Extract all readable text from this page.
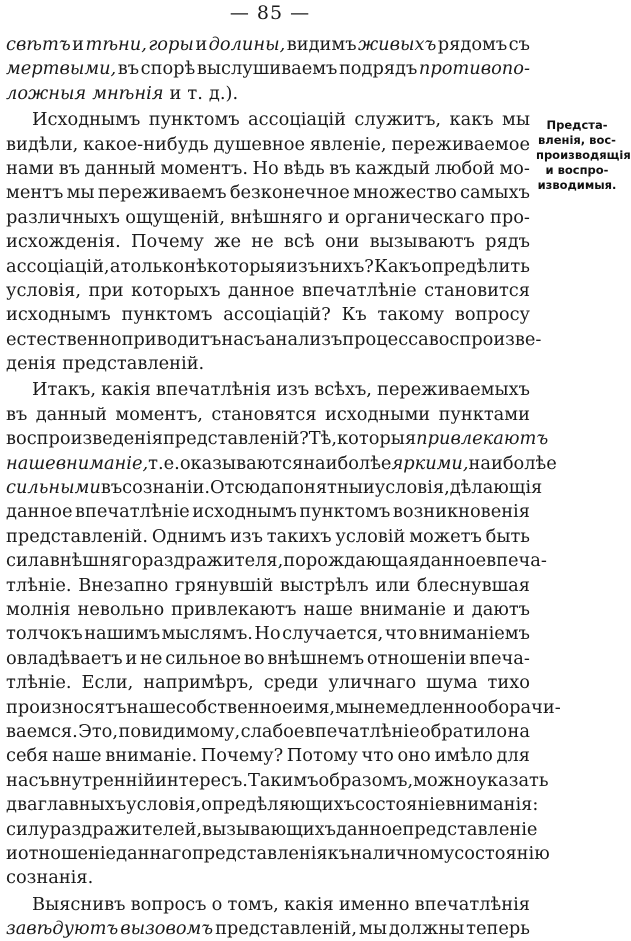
— 85 —
свѣтъ и тѣни, горы и долины, видимъ живыхъ рядомъ съ
мертвыми, въ спорѣ выслушиваемъ подрядъ противопо-
ложныя мнѣнія и т. д.).
Исходнымъ пунктомъ ассоціацій служитъ, какъ мы
видѣли, какое-нибудь душевное явленіе, переживаемое
нами въ данный моментъ. Но вѣдь въ каждый любой мо-
ментъ мы переживаемъ безконечное множество самыхъ
различныхъ ощущеній, внѣшняго и органическаго про-
исхожденія. Почему же не всѣ они вызываютъ рядъ
ассоціацій, а только нѣкоторыя изъ нихъ? Какъ опредѣлить
условія, при которыхъ данное впечатлѣніе становится
исходнымъ пунктомъ ассоціацій? Къ такому вопросу
естественно приводитъ насъ анализъ процесса воспроизве-
денія представленій.
Итакъ, какія впечатлѣнія изъ всѣхъ, переживаемыхъ
въ данный моментъ, становятся исходными пунктами
воспроизведенія представленій? Тѣ, которыя привлекаютъ
наше вниманіе, т. е. оказываются наиболѣе яркими, наиболѣе
сильными въ сознаніи. Отсюда понятны и условія, дѣлающія
данное впечатлѣніе исходнымъ пунктомъ возникновенія
представленій. Однимъ изъ такихъ условій можетъ быть
сила внѣшняго раздражителя, порождающая данное впеча-
тлѣніе. Внезапно грянувшій выстрѣлъ или блеснувшая
молнія невольно привлекаютъ наше вниманіе и даютъ
толчокъ нашимъ мыслямъ. Но случается, что вниманіемъ
овладѣваетъ и не сильное во внѣшнемъ отношеніи впеча-
тлѣніе. Если, напримѣръ, среди уличнаго шума тихо
произносятъ наше собственное имя, мы немедленно оборачи-
ваемся. Это, повидимому, слабое впечатлѣніе обратило на
себя наше вниманіе. Почему? Потому что оно имѣло для
насъ внутренній интересъ. Такимъ образомъ, можно указать
два главныхъ условія, опредѣляющихъ состояніе вниманія:
силу раздражителей, вызывающихъ данное представленіе
и отношеніе даннаго представленія къ наличному состоянію
сознанія.
Выяснивъ вопросъ о томъ, какія именно впечатлѣнія
завѣдуютъ вызовомъ представленій, мы должны теперь
Предста-
вленія, вос-
производящія
и воспро-
изводимыя.
